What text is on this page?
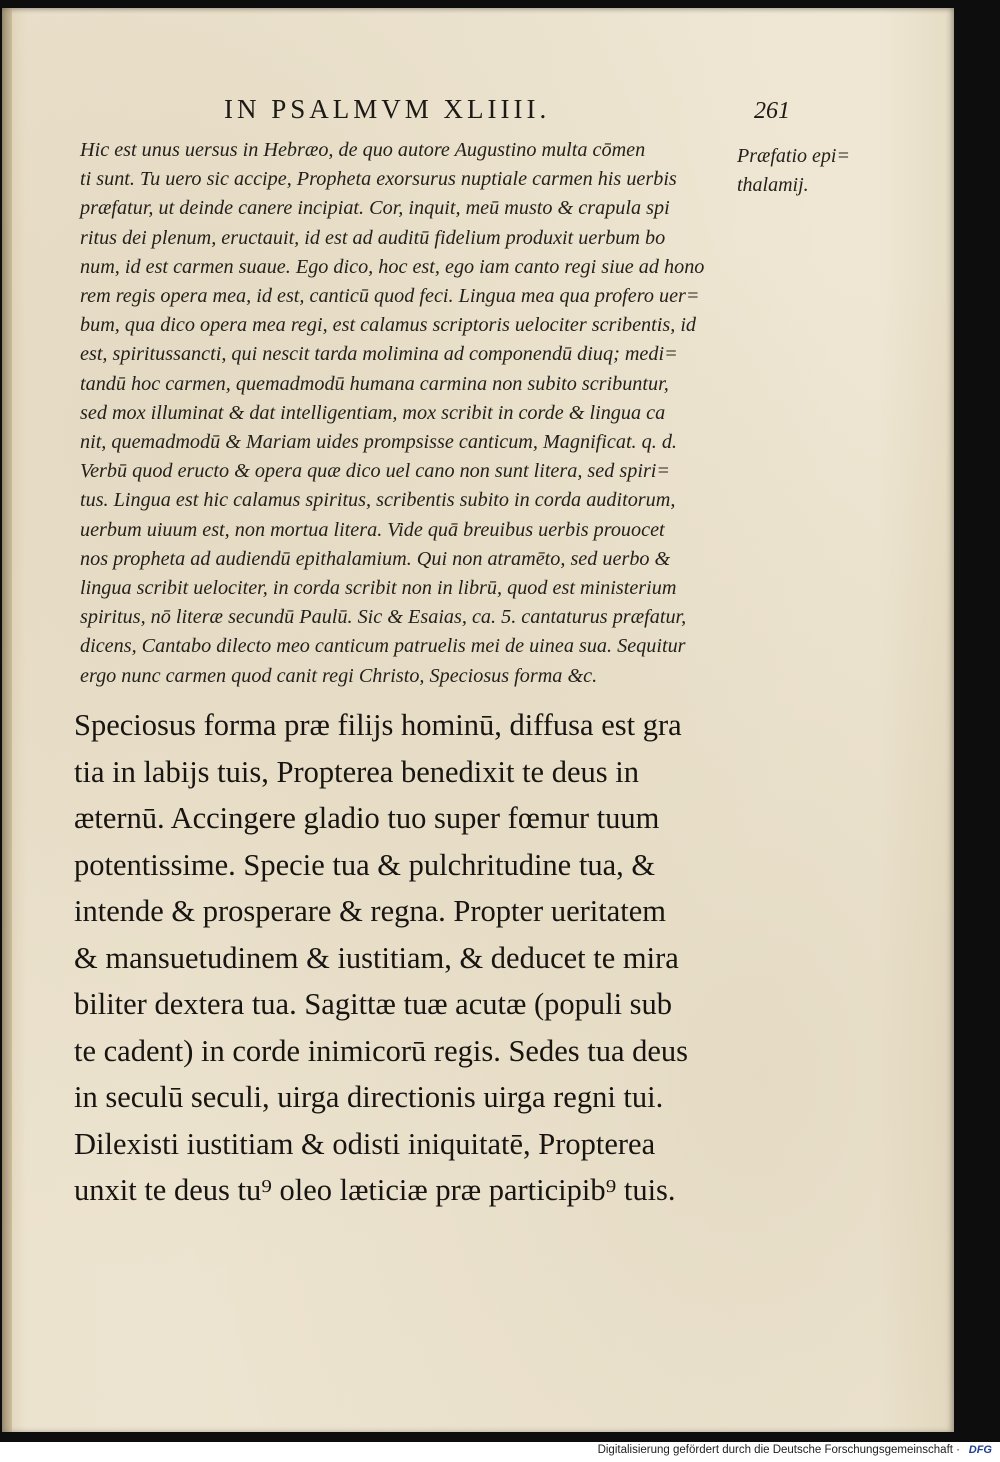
IN PSALMVM XLIIII.	261
Hic est unus uersus in Hebræo, de quo autore Augustino multa cōmen
ti sunt. Tu uero sic accipe, Propheta exorsurus nuptiale carmen his uerbis
præfatur, ut deinde canere incipiat. Cor, inquit, meū musto & crapula spi
ritus dei plenum, eructauit, id est ad auditū fidelium produxit uerbum bo
num, id est carmen suaue. Ego dico, hoc est, ego iam canto regi siue ad hono
rem regis opera mea, id est, canticū quod feci. Lingua mea qua profero uer=
bum, qua dico opera mea regi, est calamus scriptoris uelociter scribentis, id
est, spiritussancti, qui nescit tarda molimina ad componendū diuq; medi=
tandū hoc carmen, quemadmodū humana carmina non subito scribuntur,
sed mox illuminat & dat intelligentiam, mox scribit in corde & lingua ca
nit, quemadmodū & Mariam uides prompsisse canticum, Magnificat. q. d.
Verbū quod eructo & opera quæ dico uel cano non sunt litera, sed spiri=
tus. Lingua est hic calamus spiritus, scribentis subito in corda auditorum,
uerbum uiuum est, non mortua litera. Vide quā breuibus uerbis prouocet
nos propheta ad audiendū epithalamium. Qui non atramēto, sed uerbo &
lingua scribit uelociter, in corda scribit non in librū, quod est ministerium
spiritus, nō literæ secundū Paulū. Sic & Esaias, ca. 5. cantaturus præfatur,
dicens, Cantabo dilecto meo canticum patruelis mei de uinea sua. Sequitur
ergo nunc carmen quod canit regi Christo, Speciosus forma &c.
Præfatio epi=
thalamij.
Speciosus forma præ filijs hominū, diffusa est gra
tia in labijs tuis, Propterea benedixit te deus in
æternū. Accingere gladio tuo super fœmur tuum
potentissime. Specie tua & pulchritudine tua, &
intende & prosperare & regna. Propter ueritatem
& mansuetudinem & iustitiam, & deducet te mira
biliter dextera tua. Sagittæ tuæ acutæ (populi sub
te cadent) in corde inimicorū regis. Sedes tua deus
in seculū seculi, uirga directionis uirga regni tui.
Dilexisti iustitiam & odisti iniquitatē, Propterea
unxit te deus tu⁹ oleo læticiæ præ participib⁹ tuis.
Digitalisierung gefördert durch die Deutsche Forschungsgemeinschaft · DFG
